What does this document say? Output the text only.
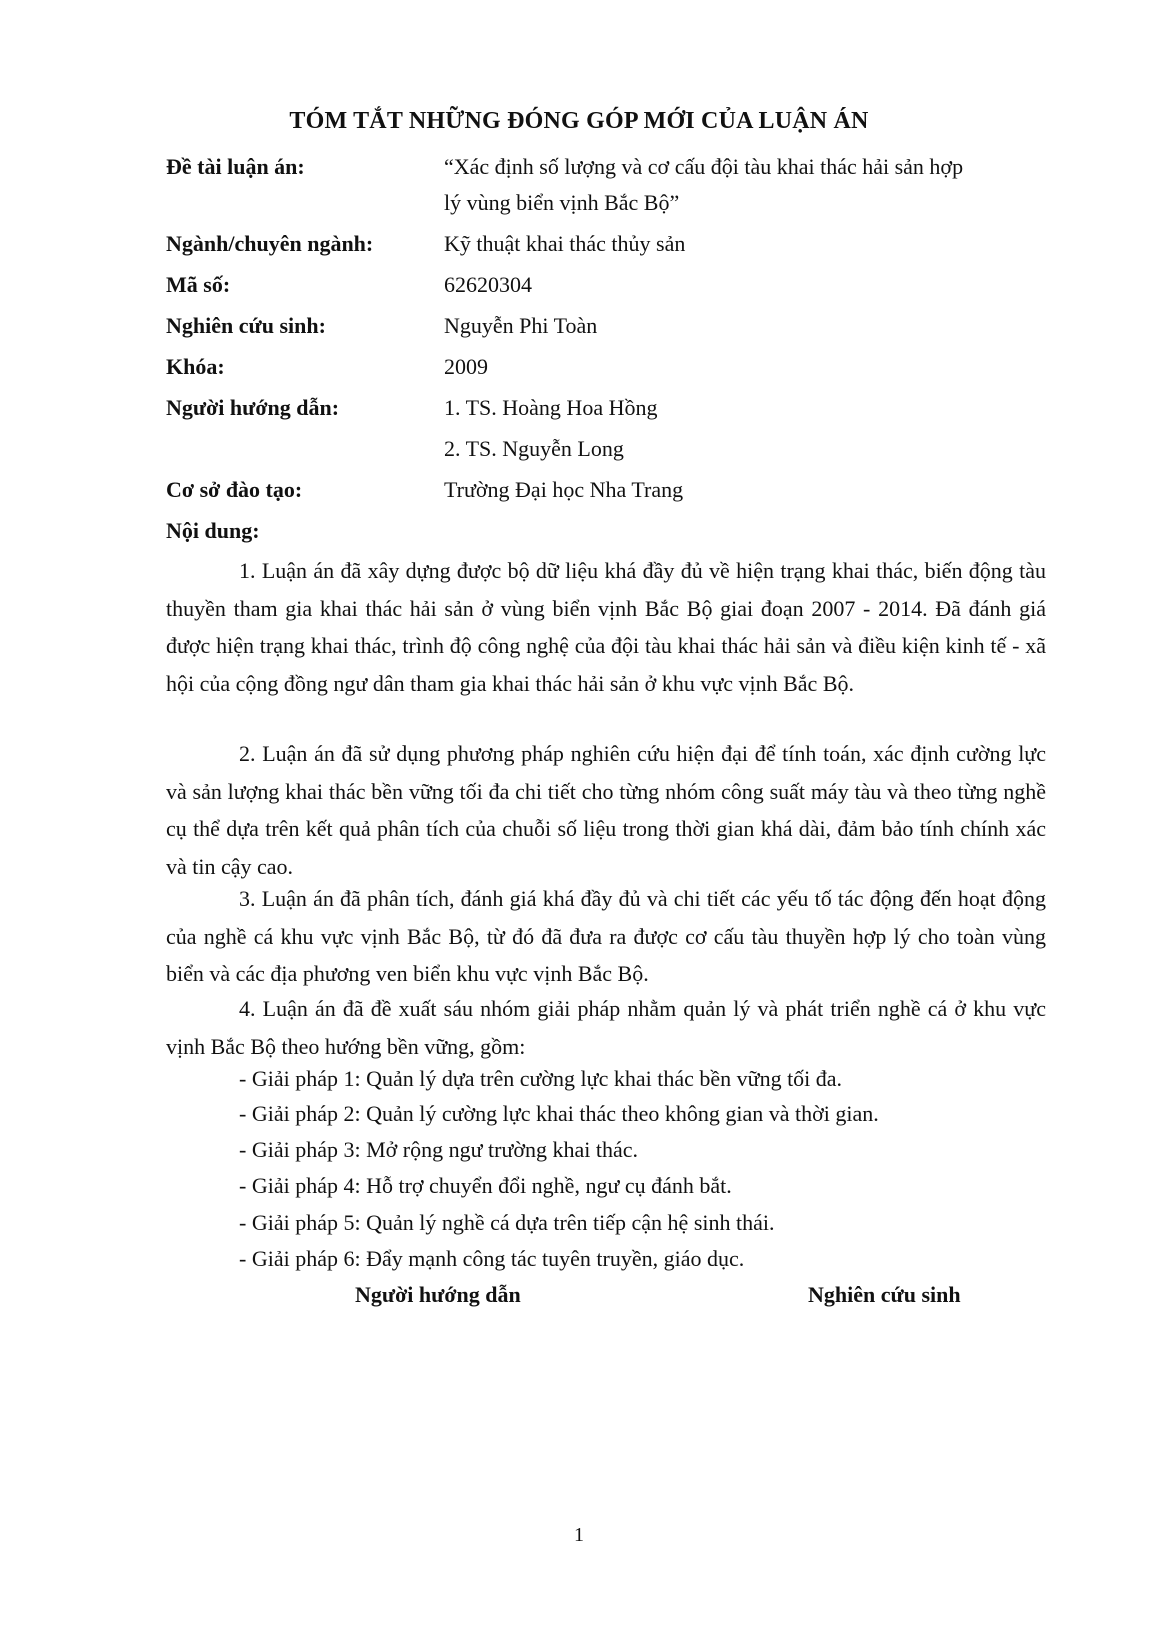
TÓM TẮT NHỮNG ĐÓNG GÓP MỚI CỦA LUẬN ÁN
Đề tài luận án:	“Xác định số lượng và cơ cấu đội tàu khai thác hải sản hợp
lý vùng biển vịnh Bắc Bộ”
Ngành/chuyên ngành:	Kỹ thuật khai thác thủy sản
Mã số:	62620304
Nghiên cứu sinh:	Nguyễn Phi Toàn
Khóa:	2009
Người hướng dẫn:	1. TS. Hoàng Hoa Hồng
2. TS. Nguyễn Long
Cơ sở đào tạo:	Trường Đại học Nha Trang
Nội dung:
1. Luận án đã xây dựng được bộ dữ liệu khá đầy đủ về hiện trạng khai thác, biến động tàu thuyền tham gia khai thác hải sản ở vùng biển vịnh Bắc Bộ giai đoạn 2007 - 2014. Đã đánh giá được hiện trạng khai thác, trình độ công nghệ của đội tàu khai thác hải sản và điều kiện kinh tế - xã hội của cộng đồng ngư dân tham gia khai thác hải sản ở khu vực vịnh Bắc Bộ.
2. Luận án đã sử dụng phương pháp nghiên cứu hiện đại để tính toán, xác định cường lực và sản lượng khai thác bền vững tối đa chi tiết cho từng nhóm công suất máy tàu và theo từng nghề cụ thể dựa trên kết quả phân tích của chuỗi số liệu trong thời gian khá dài, đảm bảo tính chính xác và tin cậy cao.
3. Luận án đã phân tích, đánh giá khá đầy đủ và chi tiết các yếu tố tác động đến hoạt động của nghề cá khu vực vịnh Bắc Bộ, từ đó đã đưa ra được cơ cấu tàu thuyền hợp lý cho toàn vùng biển và các địa phương ven biển khu vực vịnh Bắc Bộ.
4. Luận án đã đề xuất sáu nhóm giải pháp nhằm quản lý và phát triển nghề cá ở khu vực vịnh Bắc Bộ theo hướng bền vững, gồm:
- Giải pháp 1: Quản lý dựa trên cường lực khai thác bền vững tối đa.
- Giải pháp 2: Quản lý cường lực khai thác theo không gian và thời gian.
- Giải pháp 3: Mở rộng ngư trường khai thác.
- Giải pháp 4: Hỗ trợ chuyển đổi nghề, ngư cụ đánh bắt.
- Giải pháp 5: Quản lý nghề cá dựa trên tiếp cận hệ sinh thái.
- Giải pháp 6: Đẩy mạnh công tác tuyên truyền, giáo dục.
Người hướng dẫn	Nghiên cứu sinh
1
